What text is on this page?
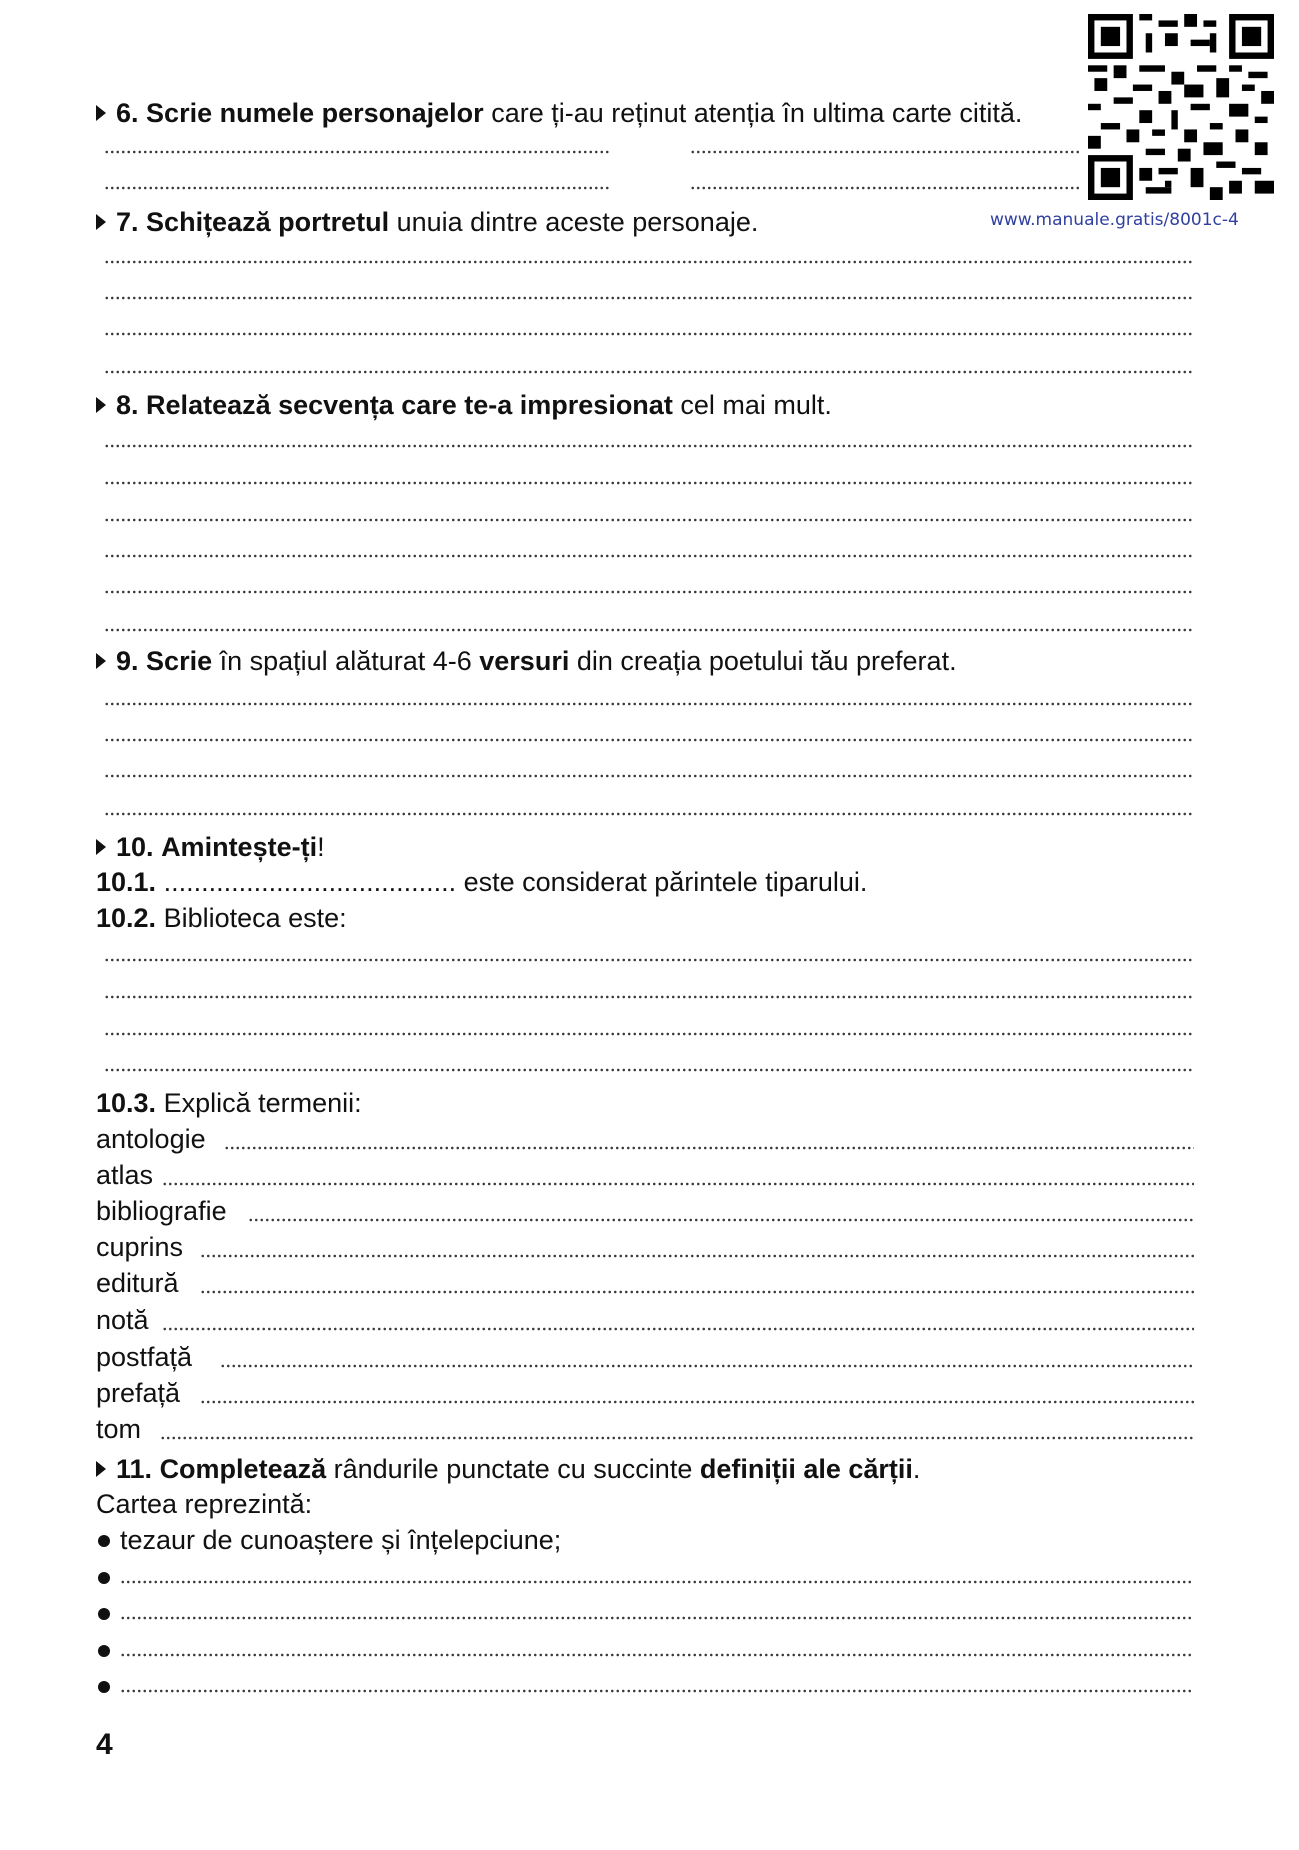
www.manuale.gratis/8001c-4
6. Scrie numele personajelor care ți-au reținut atenția în ultima carte citită.
7. Schițează portretul unuia dintre aceste personaje.
8. Relatează secvența care te-a impresionat cel mai mult.
9. Scrie în spațiul alăturat 4-6 versuri din creația poetului tău preferat.
10. Amintește-ți!
10.1. ....................................... este considerat părintele tiparului.
10.2. Biblioteca este:
10.3. Explică termenii:
antologie
atlas
bibliografie
cuprins
editură
notă
postfață
prefață
tom
11. Completează rândurile punctate cu succinte definiții ale cărții.
Cartea reprezintă:
tezaur de cunoaștere și înțelepciune;
4
